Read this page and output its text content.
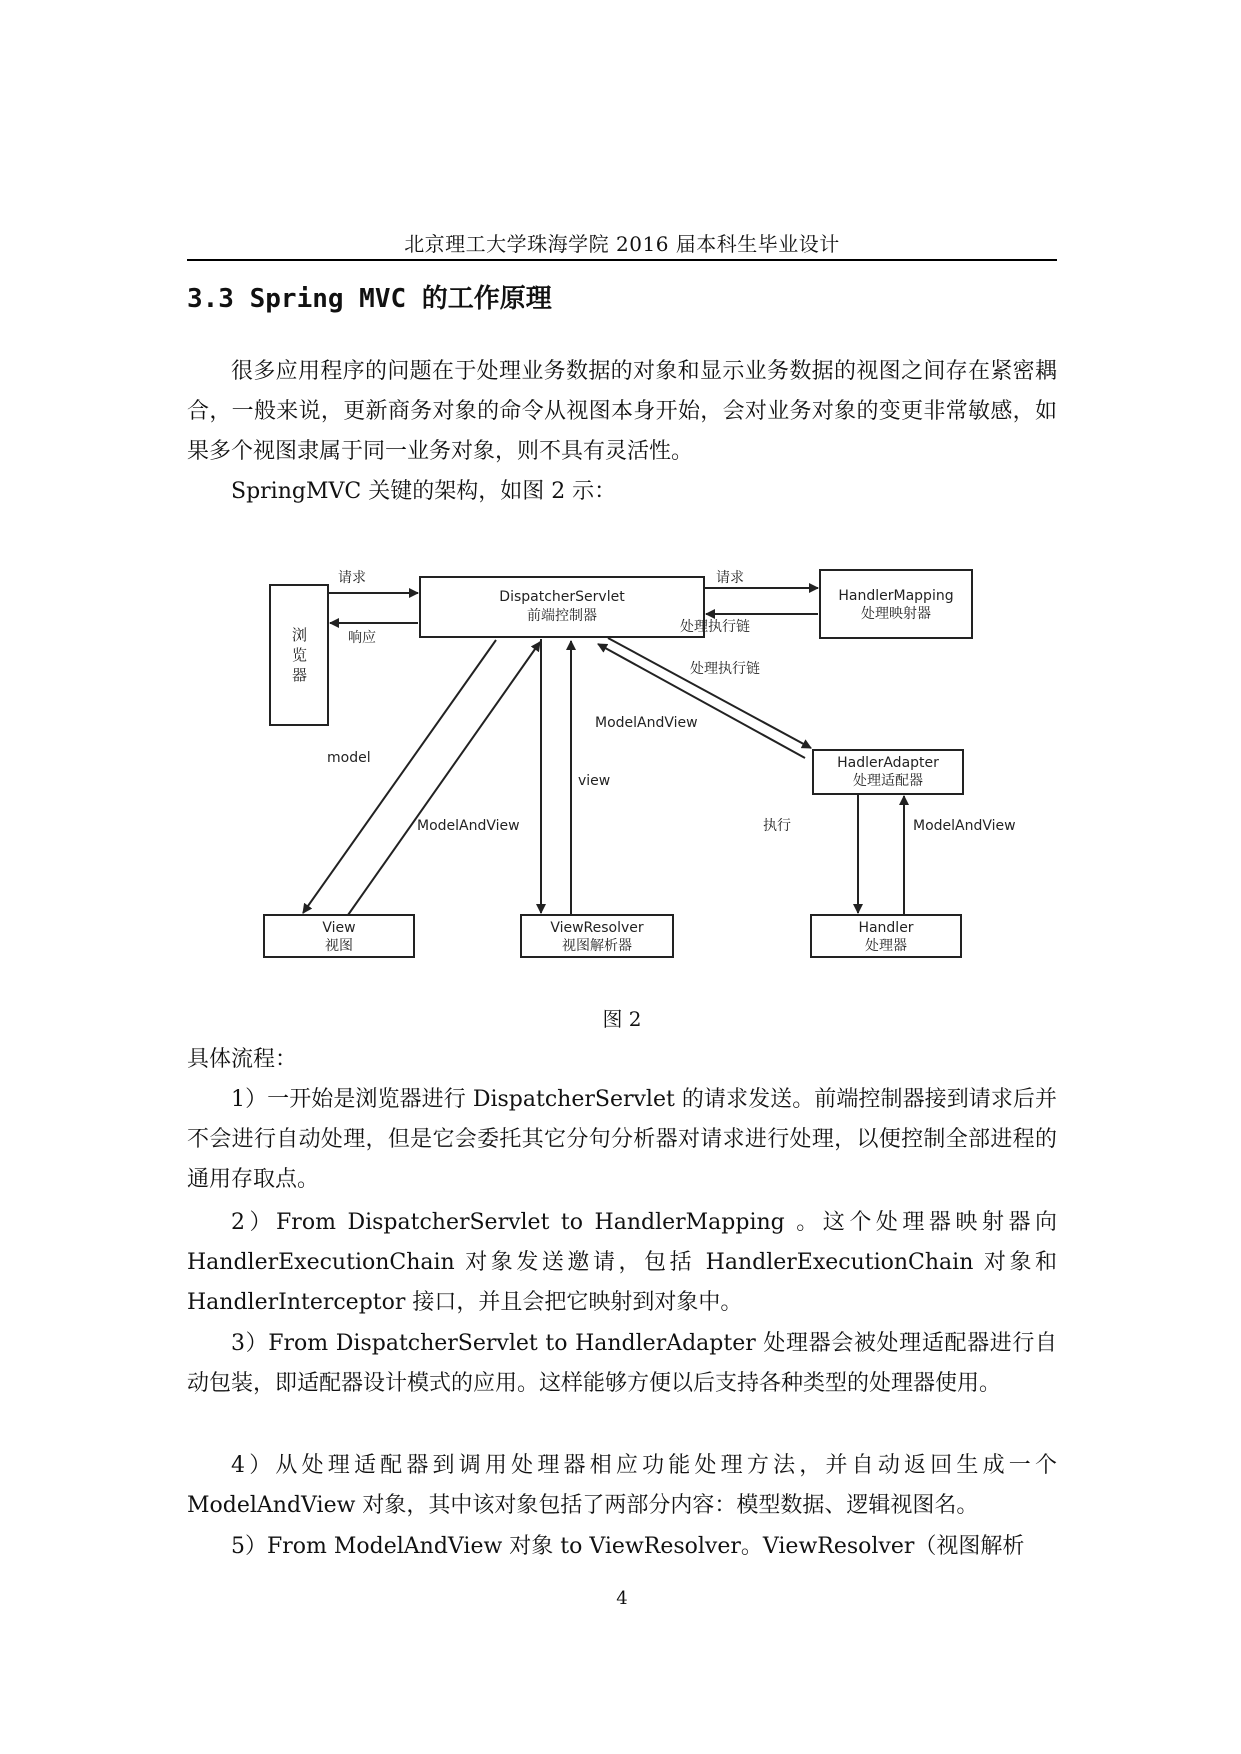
北京理工大学珠海学院 2016 届本科生毕业设计
3.3 Spring MVC 的工作原理

很多应用程序的问题在于处理业务数据的对象和显示业务数据的视图之间存在紧密耦合，一般来说，更新商务对象的命令从视图本身开始，会对业务对象的变更非常敏感，如果多个视图隶属于同一业务对象，则不具有灵活性。

SpringMVC 关键的架构，如图 2 示：

浏
览
器
DispatcherServlet
前端控制器
HandlerMapping
处理映射器
HadlerAdapter
处理适配器
View
视图
ViewResolver
视图解析器
Handler
处理器
请求
响应
请求
处理执行链
处理执行链
ModelAndView
model
ModelAndView
view
执行	ModelAndView
图 2

具体流程：

1）一开始是浏览器进行 DispatcherServlet 的请求发送。前端控制器接到请求后并不会进行自动处理，但是它会委托其它分句分析器对请求进行处理，以便控制全部进程的通用存取点。

2）From DispatcherServlet to HandlerMapping 。这个处理器映射器向 HandlerExecutionChain 对象发送邀请，包括 HandlerExecutionChain 对象和 HandlerInterceptor 接口，并且会把它映射到对象中。

3）From DispatcherServlet to HandlerAdapter 处理器会被处理适配器进行自动包装，即适配器设计模式的应用。这样能够方便以后支持各种类型的处理器使用。

4）从处理适配器到调用处理器相应功能处理方法，并自动返回生成一个 ModelAndView 对象，其中该对象包括了两部分内容：模型数据、逻辑视图名。

5）From ModelAndView 对象 to ViewResolver。ViewResolver（视图解析

4
